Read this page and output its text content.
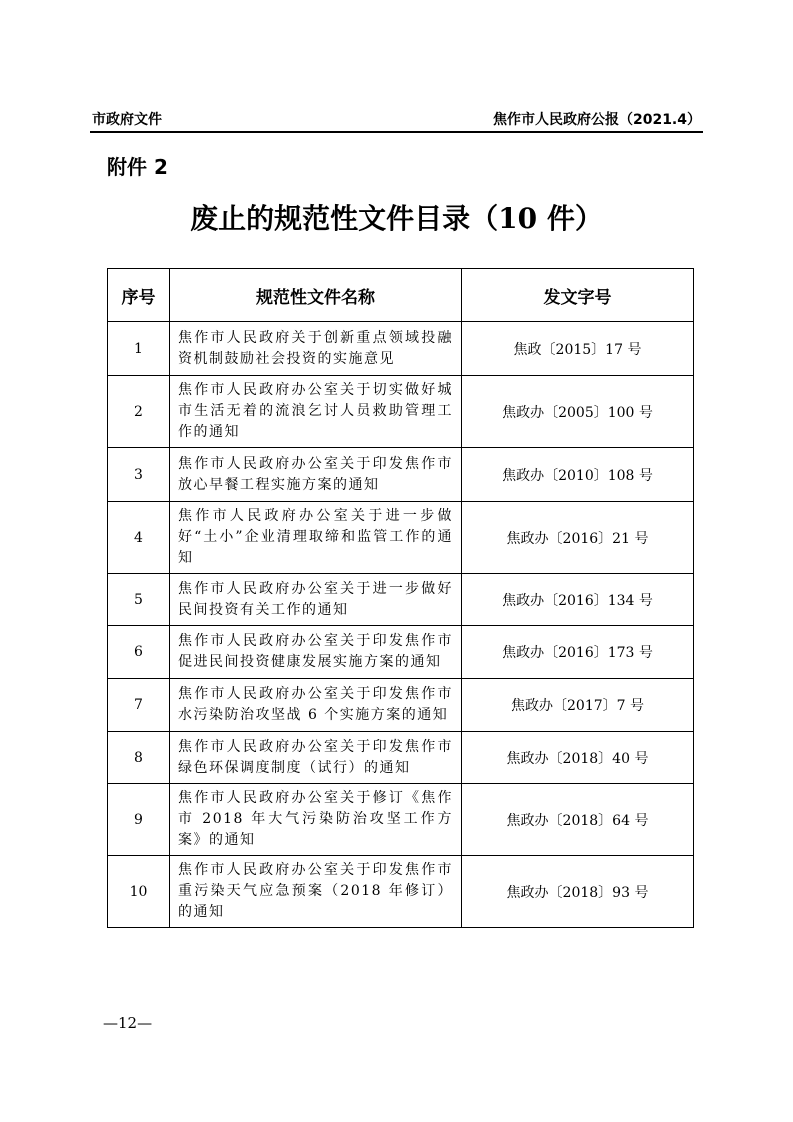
市政府文件	焦作市人民政府公报（2021.4）
附件 2
废止的规范性文件目录（10 件）
序号	规范性文件名称	发文字号
1	焦作市人民政府关于创新重点领域投融资机制鼓励社会投资的实施意见	焦政〔2015〕17 号
2	焦作市人民政府办公室关于切实做好城市生活无着的流浪乞讨人员救助管理工作的通知	焦政办〔2005〕100 号
3	焦作市人民政府办公室关于印发焦作市放心早餐工程实施方案的通知	焦政办〔2010〕108 号
4	焦作市人民政府办公室关于进一步做好“土小”企业清理取缔和监管工作的通知	焦政办〔2016〕21 号
5	焦作市人民政府办公室关于进一步做好民间投资有关工作的通知	焦政办〔2016〕134 号
6	焦作市人民政府办公室关于印发焦作市促进民间投资健康发展实施方案的通知	焦政办〔2016〕173 号
7	焦作市人民政府办公室关于印发焦作市水污染防治攻坚战 6 个实施方案的通知	焦政办〔2017〕7 号
8	焦作市人民政府办公室关于印发焦作市绿色环保调度制度（试行）的通知	焦政办〔2018〕40 号
9	焦作市人民政府办公室关于修订《焦作市 2018 年大气污染防治攻坚工作方案》的通知	焦政办〔2018〕64 号
10	焦作市人民政府办公室关于印发焦作市重污染天气应急预案（2018 年修订）的通知	焦政办〔2018〕93 号
—12—
